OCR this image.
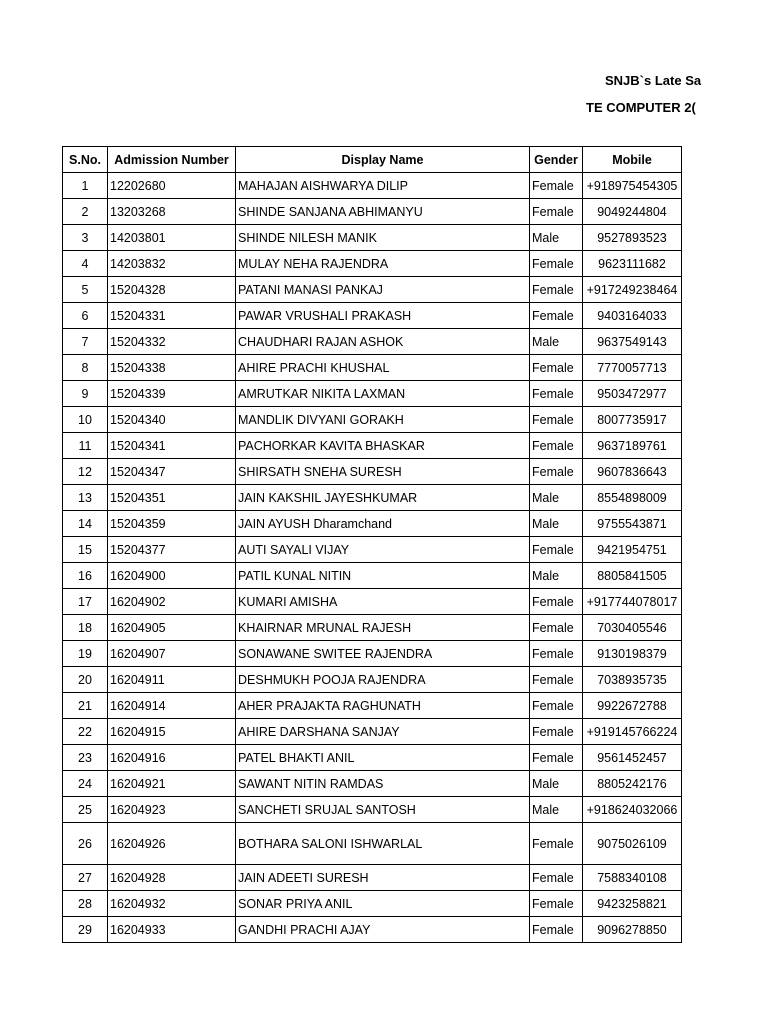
SNJB`s Late Sa
TE COMPUTER 2(
S.No.	Admission Number	Display Name	Gender	Mobile
1	12202680	MAHAJAN AISHWARYA DILIP	Female	+918975454305
2	13203268	SHINDE SANJANA ABHIMANYU	Female	9049244804
3	14203801	SHINDE NILESH MANIK	Male	9527893523
4	14203832	MULAY NEHA RAJENDRA	Female	9623111682
5	15204328	PATANI MANASI PANKAJ	Female	+917249238464
6	15204331	PAWAR VRUSHALI PRAKASH	Female	9403164033
7	15204332	CHAUDHARI RAJAN ASHOK	Male	9637549143
8	15204338	AHIRE PRACHI KHUSHAL	Female	7770057713
9	15204339	AMRUTKAR NIKITA LAXMAN	Female	9503472977
10	15204340	MANDLIK DIVYANI GORAKH	Female	8007735917
11	15204341	PACHORKAR KAVITA BHASKAR	Female	9637189761
12	15204347	SHIRSATH SNEHA SURESH	Female	9607836643
13	15204351	JAIN KAKSHIL JAYESHKUMAR	Male	8554898009
14	15204359	JAIN AYUSH Dharamchand	Male	9755543871
15	15204377	AUTI SAYALI VIJAY	Female	9421954751
16	16204900	PATIL KUNAL NITIN	Male	8805841505
17	16204902	KUMARI AMISHA	Female	+917744078017
18	16204905	KHAIRNAR MRUNAL RAJESH	Female	7030405546
19	16204907	SONAWANE SWITEE RAJENDRA	Female	9130198379
20	16204911	DESHMUKH POOJA RAJENDRA	Female	7038935735
21	16204914	AHER PRAJAKTA RAGHUNATH	Female	9922672788
22	16204915	AHIRE DARSHANA SANJAY	Female	+919145766224
23	16204916	PATEL BHAKTI ANIL	Female	9561452457
24	16204921	SAWANT NITIN RAMDAS	Male	8805242176
25	16204923	SANCHETI SRUJAL SANTOSH	Male	+918624032066
26	16204926	BOTHARA SALONI ISHWARLAL	Female	9075026109
27	16204928	JAIN ADEETI SURESH	Female	7588340108
28	16204932	SONAR PRIYA ANIL	Female	9423258821
29	16204933	GANDHI PRACHI AJAY	Female	9096278850
